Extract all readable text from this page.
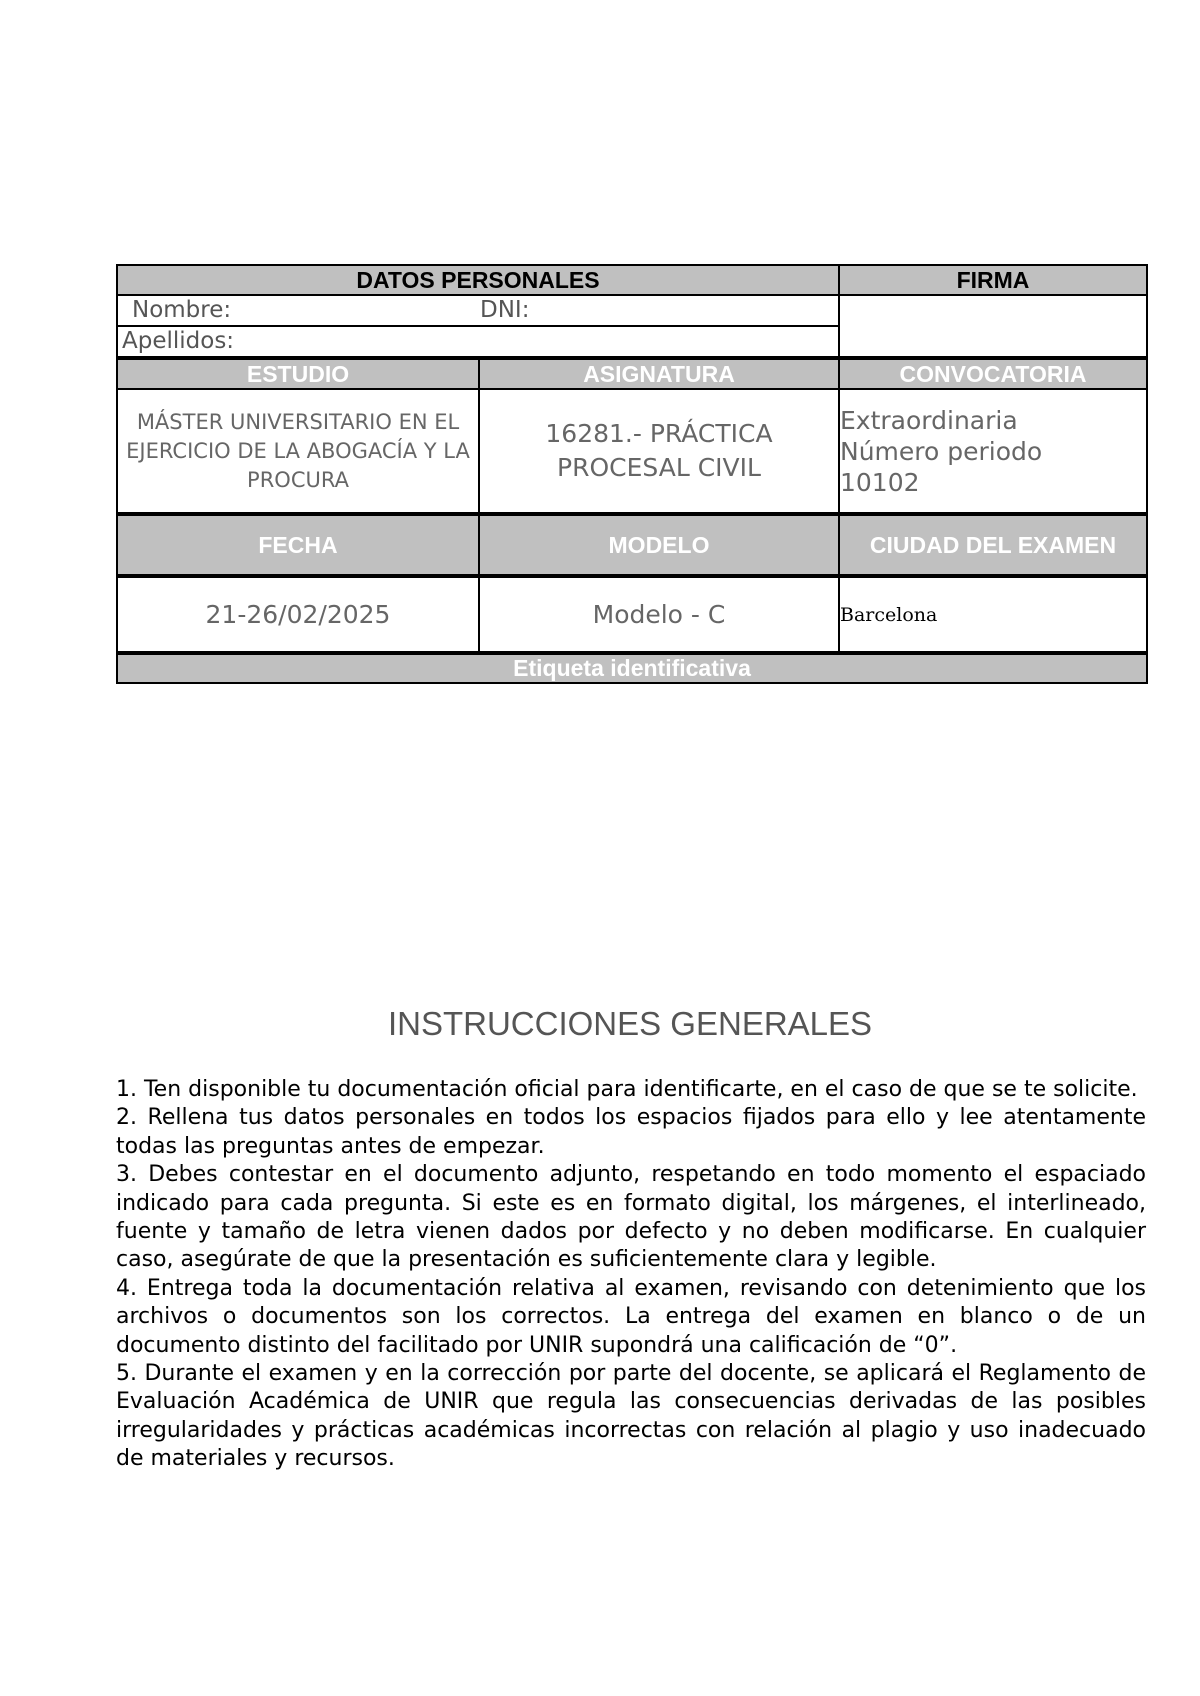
DATOS PERSONALES		FIRMA
Nombre: DNI:		
Apellidos:		
ESTUDIO	ASIGNATURA	CONVOCATORIA
MÁSTER UNIVERSITARIO EN EL EJERCICIO DE LA ABOGACÍA Y LA PROCURA	16281.- PRÁCTICA PROCESAL CIVIL	Extraordinaria
Número periodo
10102

FECHA	MODELO	CIUDAD DEL EXAMEN
21-26/02/2025	Modelo - C	Barcelona
Etiqueta identificativa		
INSTRUCCIONES GENERALES

1. Ten disponible tu documentación oficial para identificarte, en el caso de que se te solicite.

2. Rellena tus datos personales en todos los espacios fijados para ello y lee atentamente todas las preguntas antes de empezar.

3. Debes contestar en el documento adjunto, respetando en todo momento el espaciado indicado para cada pregunta. Si este es en formato digital, los márgenes, el interlineado, fuente y tamaño de letra vienen dados por defecto y no deben modificarse. En cualquier caso, asegúrate de que la presentación es suficientemente clara y legible.

4. Entrega toda la documentación relativa al examen, revisando con detenimiento que los archivos o documentos son los correctos. La entrega del examen en blanco o de un documento distinto del facilitado por UNIR supondrá una calificación de “0”.

5. Durante el examen y en la corrección por parte del docente, se aplicará el Reglamento de Evaluación Académica de UNIR que regula las consecuencias derivadas de las posibles irregularidades y prácticas académicas incorrectas con relación al plagio y uso inadecuado de materiales y recursos.
